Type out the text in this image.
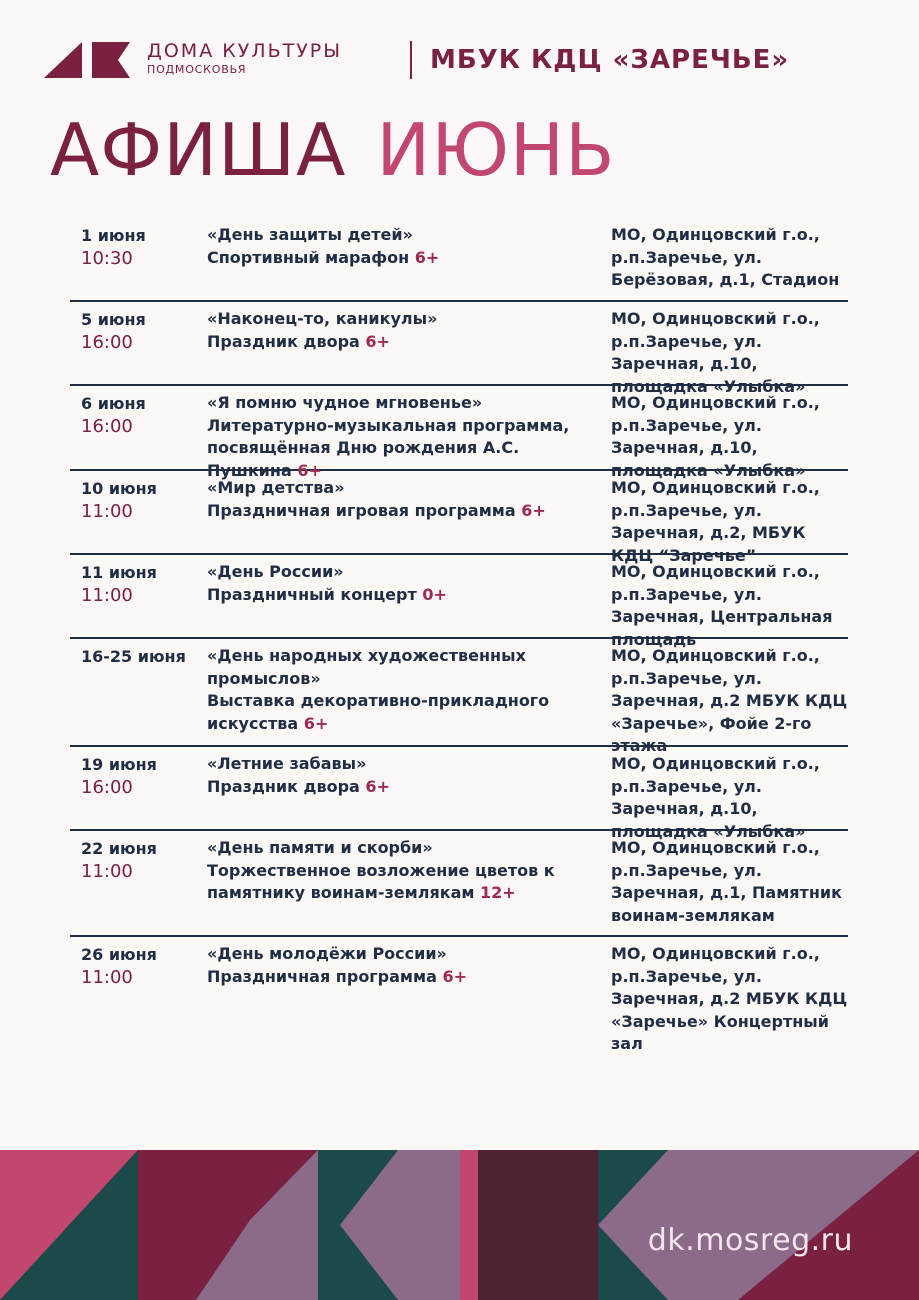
ДОМА КУЛЬТУРЫ
ПОДМОСКОВЬЯ	МБУК КДЦ «ЗАРЕЧЬЕ»
АФИША ИЮНЬ
1 июня
10:30
«День защиты детей»
Спортивный марафон 6+
МО, Одинцовский г.о., р.п.Заречье, ул. Берёзовая, д.1, Стадион
5 июня
16:00
«Наконец-то, каникулы»
Праздник двора 6+
МО, Одинцовский г.о., р.п.Заречье, ул. Заречная, д.10, площадка «Улыбка»
6 июня
16:00
«Я помню чудное мгновенье»
Литературно-музыкальная программа, посвящённая Дню рождения А.С. Пушкина 6+
МО, Одинцовский г.о., р.п.Заречье, ул. Заречная, д.10, площадка «Улыбка»
10 июня
11:00
«Мир детства»
Праздничная игровая программа 6+
МО, Одинцовский г.о., р.п.Заречье, ул. Заречная, д.2, МБУК КДЦ “Заречье”
11 июня
11:00
«День России»
Праздничный концерт 0+
МО, Одинцовский г.о., р.п.Заречье, ул. Заречная, Центральная площадь
16-25 июня	«День народных художественных промыслов»
Выставка декоративно-прикладного искусства 6+
МО, Одинцовский г.о., р.п.Заречье, ул. Заречная, д.2 МБУК КДЦ «Заречье», Фойе 2-го этажа
19 июня
16:00
«Летние забавы»
Праздник двора 6+
МО, Одинцовский г.о., р.п.Заречье, ул. Заречная, д.10, площадка «Улыбка»
22 июня
11:00
«День памяти и скорби»
Торжественное возложение цветов к памятнику воинам-землякам 12+
МО, Одинцовский г.о., р.п.Заречье, ул. Заречная, д.1, Памятник воинам-землякам
26 июня
11:00
«День молодёжи России»
Праздничная программа 6+
МО, Одинцовский г.о., р.п.Заречье, ул. Заречная, д.2 МБУК КДЦ «Заречье» Концертный зал
dk.mosreg.ru
